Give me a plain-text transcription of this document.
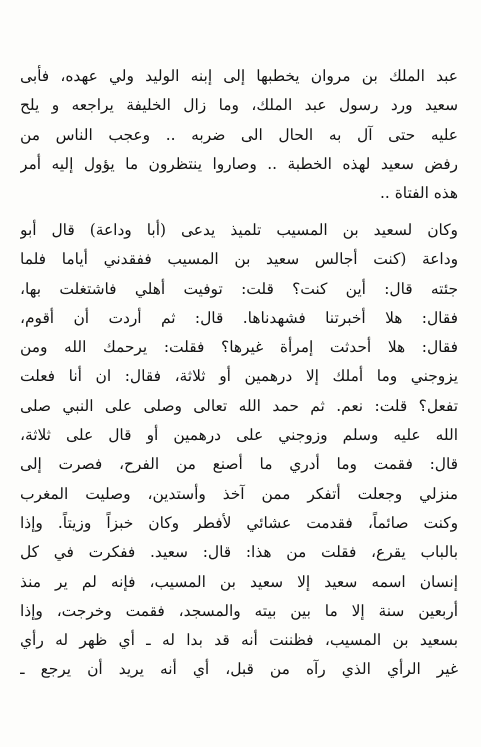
عبد الملك بن مروان يخطبها إلى إبنه الوليد ولي عهده، فأبى
سعيد ورد رسول عبد الملك، وما زال الخليفة يراجعه و يلح
عليه حتى آل به الحال الى ضربه .. وعجب الناس من
رفض سعيد لهذه الخطبة .. وصاروا ينتظرون ما يؤول إليه أمر
هذه الفتاة ..
وكان لسعيد بن المسيب تلميذ يدعى (أبا وداعة) قال أبو
وداعة (كنت أجالس سعيد بن المسيب ففقدني أياما فلما
جئته قال: أين كنت؟ قلت: توفيت أهلي فاشتغلت بها،
فقال: هلا أخبرتنا فشهدناها. قال: ثم أردت أن أقوم،
فقال: هلا أحدثت إمرأة غيرها؟ فقلت: يرحمك الله ومن
يزوجني وما أملك إلا درهمين أو ثلاثة، فقال: ان أنا فعلت
تفعل؟ قلت: نعم. ثم حمد الله تعالى وصلى على النبي صلى
الله عليه وسلم وزوجني على درهمين أو قال على ثلاثة،
قال: فقمت وما أدري ما أصنع من الفرح، فصرت إلى
منزلي وجعلت أتفكر ممن آخذ وأستدين، وصليت المغرب
وكنت صائماً، فقدمت عشائي لأفطر وكان خبزاً وزيتاً. وإذا
بالباب يقرع، فقلت من هذا: قال: سعيد. ففكرت في كل
إنسان اسمه سعيد إلا سعيد بن المسيب، فإنه لم ير منذ
أربعين سنة إلا ما بين بيته والمسجد، فقمت وخرجت، وإذا
بسعيد بن المسيب، فظننت أنه قد بدا له ـ أي ظهر له رأي
غير الرأي الذي رآه من قبل، أي أنه يريد أن يرجع ـ
